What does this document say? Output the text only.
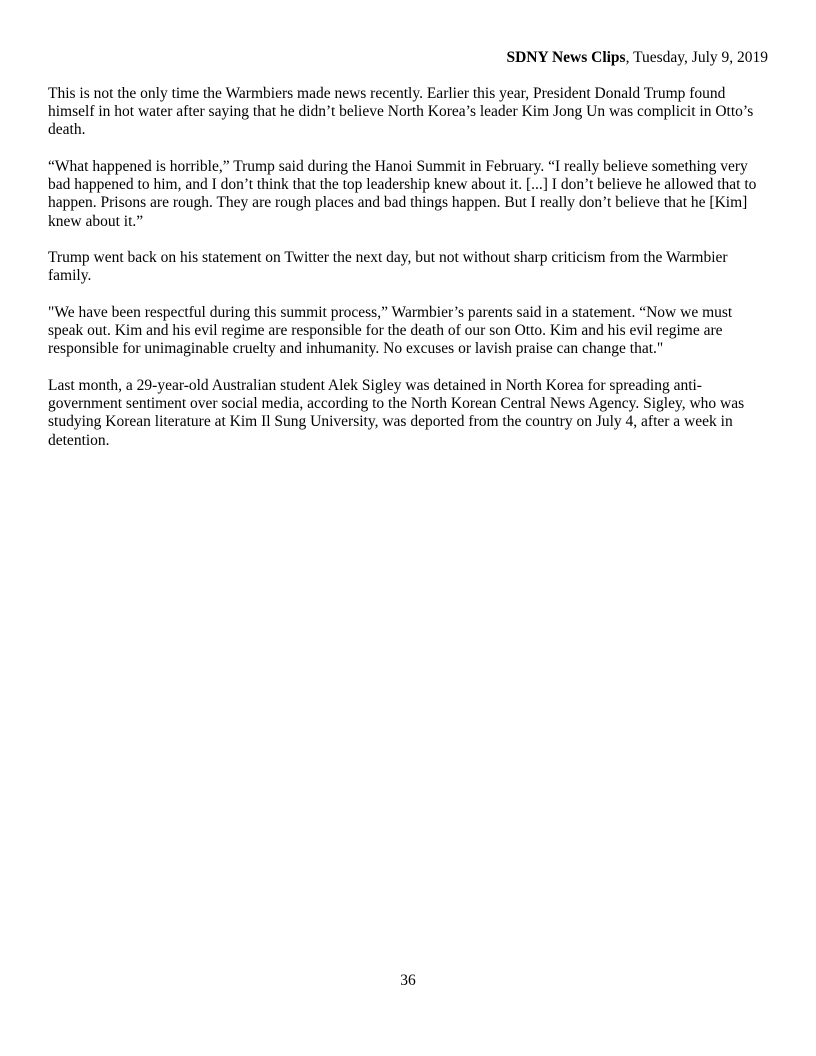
SDNY News Clips, Tuesday, July 9, 2019

This is not the only time the Warmbiers made news recently. Earlier this year, President Donald Trump found himself in hot water after saying that he didn’t believe North Korea’s leader Kim Jong Un was complicit in Otto’s death.

“What happened is horrible,” Trump said during the Hanoi Summit in February. “I really believe something very bad happened to him, and I don’t think that the top leadership knew about it. [...] I don’t believe he allowed that to happen. Prisons are rough. They are rough places and bad things happen. But I really don’t believe that he [Kim] knew about it.”

Trump went back on his statement on Twitter the next day, but not without sharp criticism from the Warmbier family.

"We have been respectful during this summit process,” Warmbier’s parents said in a statement. “Now we must speak out. Kim and his evil regime are responsible for the death of our son Otto. Kim and his evil regime are responsible for unimaginable cruelty and inhumanity. No excuses or lavish praise can change that."

Last month, a 29-year-old Australian student Alek Sigley was detained in North Korea for spreading anti-government sentiment over social media, according to the North Korean Central News Agency. Sigley, who was studying Korean literature at Kim Il Sung University, was deported from the country on July 4, after a week in detention.

36
